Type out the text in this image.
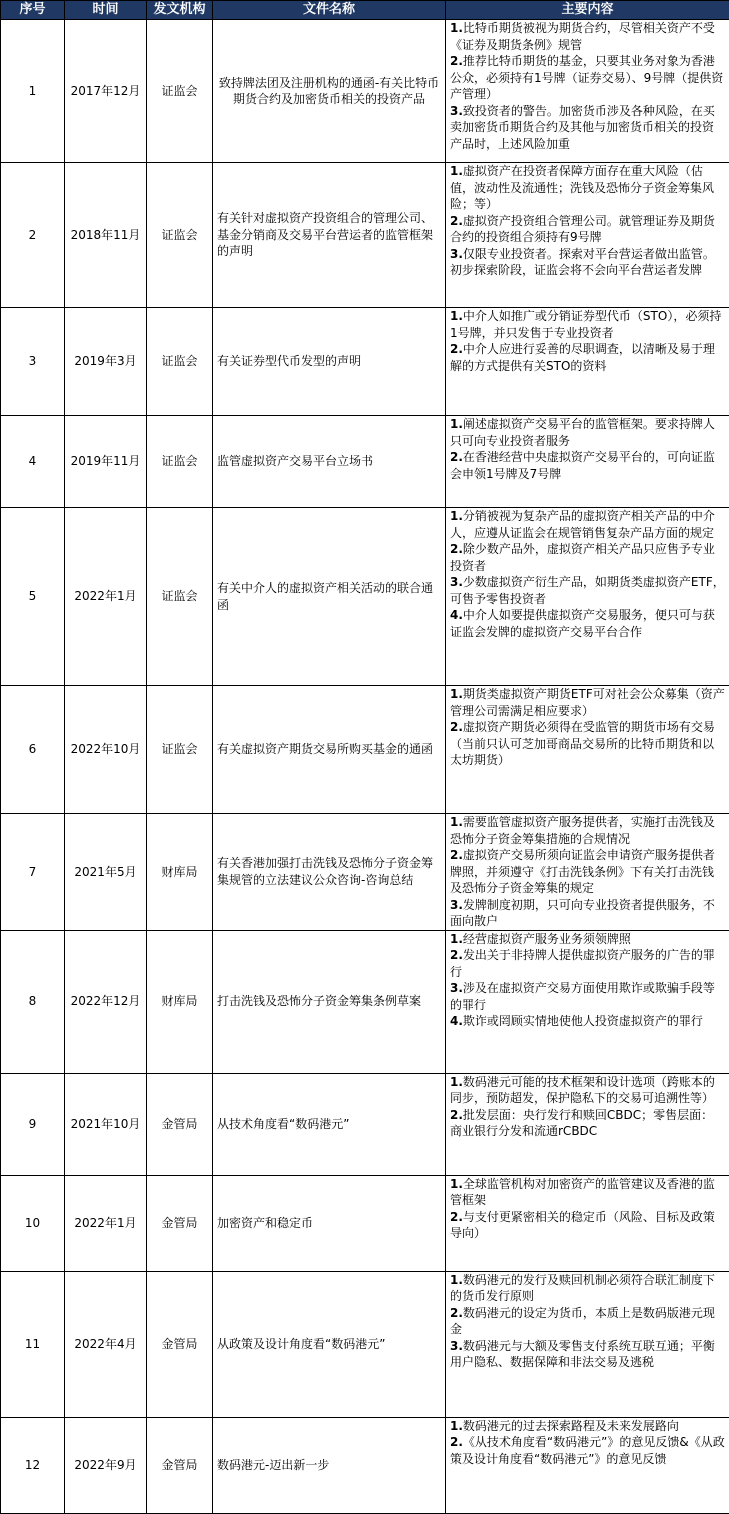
序号	时间	发文机构	文件名称	主要内容
1	2017年12月	证监会	致持牌法团及注册机构的通函-有关比特币期货合约及加密货币相关的投资产品	1.比特币期货被视为期货合约，尽管相关资产不受《证券及期货条例》规管
2.推荐比特币期货的基金，只要其业务对象为香港公众，必须持有1号牌（证券交易）、9号牌（提供资产管理）
3.致投资者的警告。加密货币涉及各种风险，在买卖加密货币期货合约及其他与加密货币相关的投资产品时，上述风险加重

2	2018年11月	证监会	有关针对虚拟资产投资组合的管理公司、基金分销商及交易平台营运者的监管框架的声明	1.虚拟资产在投资者保障方面存在重大风险（估值，波动性及流通性；洗钱及恐怖分子资金筹集风险；等）
2.虚拟资产投资组合管理公司。就管理证券及期货合约的投资组合须持有9号牌
3.仅限专业投资者。探索对平台营运者做出监管。初步探索阶段，证监会将不会向平台营运者发牌

3	2019年3月	证监会	有关证券型代币发型的声明	1.中介人如推广或分销证券型代币（STO），必须持1号牌，并只发售于专业投资者
2.中介人应进行妥善的尽职调查，以清晰及易于理解的方式提供有关STO的资料

4	2019年11月	证监会	监管虚拟资产交易平台立场书	1.阐述虚拟资产交易平台的监管框架。要求持牌人只可向专业投资者服务
2.在香港经营中央虚拟资产交易平台的，可向证监会申领1号牌及7号牌

5	2022年1月	证监会	有关中介人的虚拟资产相关活动的联合通函	1.分销被视为复杂产品的虚拟资产相关产品的中介人，应遵从证监会在规管销售复杂产品方面的规定
2.除少数产品外，虚拟资产相关产品只应售予专业投资者
3.少数虚拟资产衍生产品，如期货类虚拟资产ETF，可售予零售投资者
4.中介人如要提供虚拟资产交易服务，便只可与获证监会发牌的虚拟资产交易平台合作

6	2022年10月	证监会	有关虚拟资产期货交易所购买基金的通函	1.期货类虚拟资产期货ETF可对社会公众募集（资产管理公司需满足相应要求）
2.虚拟资产期货必须得在受监管的期货市场有交易（当前只认可芝加哥商品交易所的比特币期货和以太坊期货）

7	2021年5月	财库局	有关香港加强打击洗钱及恐怖分子资金筹集规管的立法建议公众咨询-咨询总结	1.需要监管虚拟资产服务提供者，实施打击洗钱及恐怖分子资金筹集措施的合规情况
2.虚拟资产交易所须向证监会申请资产服务提供者牌照，并须遵守《打击洗钱条例》下有关打击洗钱及恐怖分子资金筹集的规定
3.发牌制度初期，只可向专业投资者提供服务，不面向散户

8	2022年12月	财库局	打击洗钱及恐怖分子资金筹集条例草案	1.经营虚拟资产服务业务须领牌照
2.发出关于非持牌人提供虚拟资产服务的广告的罪行
3.涉及在虚拟资产交易方面使用欺诈或欺骗手段等的罪行
4.欺诈或罔顾实情地使他人投资虚拟资产的罪行

9	2021年10月	金管局	从技术角度看“数码港元”	1.数码港元可能的技术框架和设计选项（跨账本的同步，预防超发，保护隐私下的交易可追溯性等）
2.批发层面：央行发行和赎回CBDC；零售层面：商业银行分发和流通rCBDC

10	2022年1月	金管局	加密资产和稳定币	1.全球监管机构对加密资产的监管建议及香港的监管框架
2.与支付更紧密相关的稳定币（风险、目标及政策导向）

11	2022年4月	金管局	从政策及设计角度看“数码港元”	1.数码港元的发行及赎回机制必须符合联汇制度下的货币发行原则
2.数码港元的设定为货币，本质上是数码版港元现金
3.数码港元与大额及零售支付系统互联互通；平衡用户隐私、数据保障和非法交易及逃税

12	2022年9月	金管局	数码港元-迈出新一步	1.数码港元的过去探索路程及未来发展路向
2.《从技术角度看“数码港元”》的意见反馈&《从政策及设计角度看“数码港元”》的意见反馈
